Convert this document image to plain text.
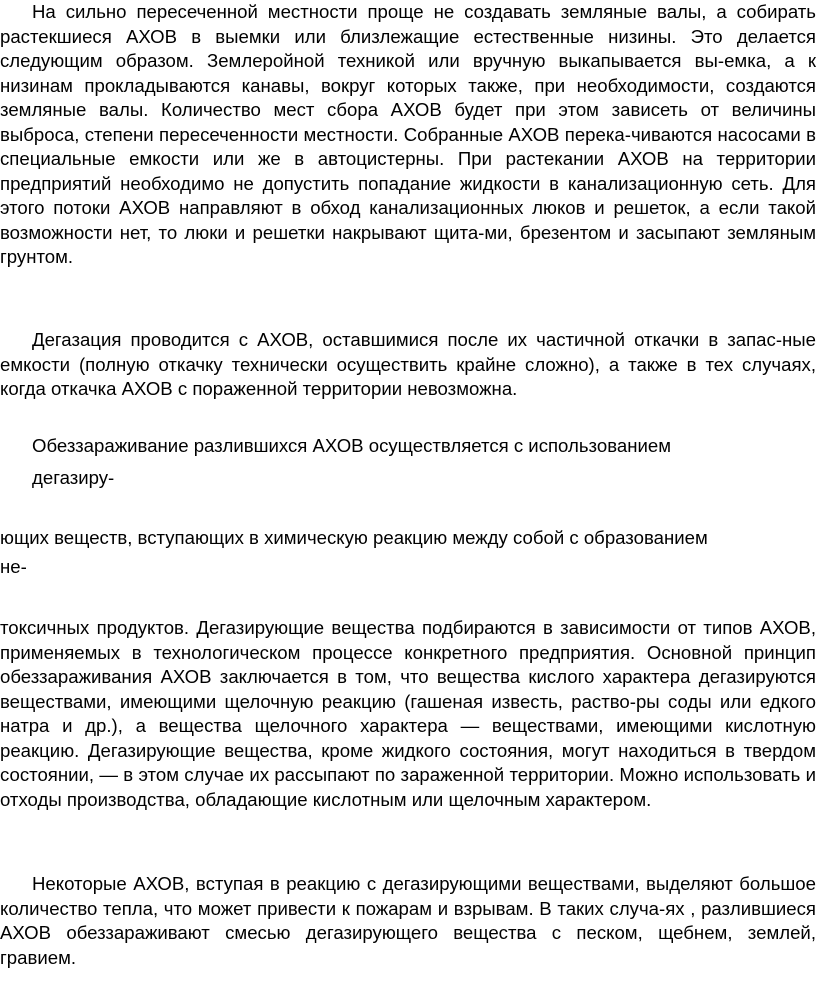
На сильно пересеченной местности проще не создавать земляные валы, а собирать растекшиеся АХОВ в выемки или близлежащие естественные низины. Это делается следующим образом. Землеройной техникой или вручную выкапывается вы-емка, а к низинам прокладываются канавы, вокруг которых также, при необходимости, создаются земляные валы. Количество мест сбора АХОВ будет при этом зависеть от величины выброса, степени пересеченности местности. Собранные АХОВ перека-чиваются насосами в специальные емкости или же в автоцистерны. При растекании АХОВ на территории предприятий необходимо не допустить попадание жидкости в канализационную сеть. Для этого потоки АХОВ направляют в обход канализационных люков и решеток, а если такой возможности нет, то люки и решетки накрывают щита-ми, брезентом и засыпают земляным грунтом.

Дегазация проводится с АХОВ, оставшимися после их частичной откачки в запас-ные емкости (полную откачку технически осуществить крайне сложно), а также в тех случаях, когда откачка АХОВ с пораженной территории невозможна.

Обеззараживание разлившихся АХОВ осуществляется с использованием

дегазиру-

ющих веществ, вступающих в химическую реакцию между собой с образованием

не-

токсичных продуктов. Дегазирующие вещества подбираются в зависимости от типов АХОВ, применяемых в технологическом процессе конкретного предприятия. Основной принцип обеззараживания АХОВ заключается в том, что вещества кислого характера дегазируются веществами, имеющими щелочную реакцию (гашеная известь, раство-ры соды или едкого натра и др.), а вещества щелочного характера — веществами, имеющими кислотную реакцию. Дегазирующие вещества, кроме жидкого состояния, могут находиться в твердом состоянии, — в этом случае их рассыпают по зараженной территории. Можно использовать и отходы производства, обладающие кислотным или щелочным характером.

Некоторые АХОВ, вступая в реакцию с дегазирующими веществами, выделяют большое количество тепла, что может привести к пожарам и взрывам. В таких случа-ях , разлившиеся АХОВ обеззараживают смесью дегазирующего вещества с песком, щебнем, землей, гравием.
